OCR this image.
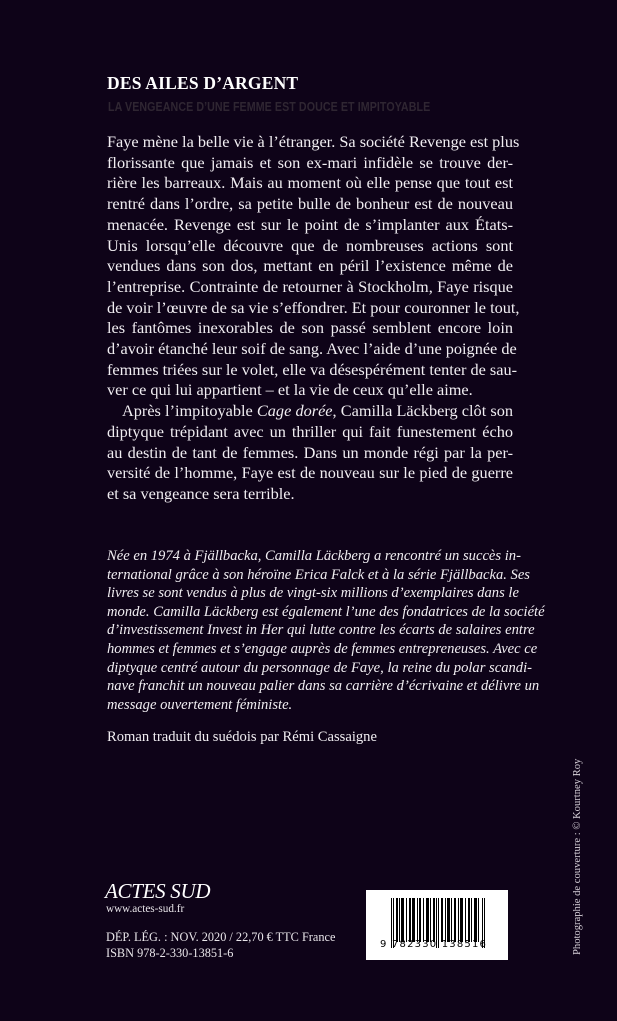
DES AILES D’ARGENT
LA VENGEANCE D’UNE FEMME EST DOUCE ET IMPITOYABLE

Faye mène la belle vie à l’étranger. Sa société Revenge est plus
florissante que jamais et son ex-mari infidèle se trouve der-
rière les barreaux. Mais au moment où elle pense que tout est
rentré dans l’ordre, sa petite bulle de bonheur est de nouveau
menacée. Revenge est sur le point de s’implanter aux États-
Unis lorsqu’elle découvre que de nombreuses actions sont
vendues dans son dos, mettant en péril l’existence même de
l’entreprise. Contrainte de retourner à Stockholm, Faye risque
de voir l’œuvre de sa vie s’effondrer. Et pour couronner le tout,
les fantômes inexorables de son passé semblent encore loin
d’avoir étanché leur soif de sang. Avec l’aide d’une poignée de
femmes triées sur le volet, elle va désespérément tenter de sau-
ver ce qui lui appartient – et la vie de ceux qu’elle aime.

Après l’impitoyable Cage dorée, Camilla Läckberg clôt son
diptyque trépidant avec un thriller qui fait funestement écho
au destin de tant de femmes. Dans un monde régi par la per-
versité de l’homme, Faye est de nouveau sur le pied de guerre
et sa vengeance sera terrible.

Née en 1974 à Fjällbacka, Camilla Läckberg a rencontré un succès in-
ternational grâce à son héroïne Erica Falck et à la série Fjällbacka. Ses
livres se sont vendus à plus de vingt-six millions d’exemplaires dans le
monde. Camilla Läckberg est également l’une des fondatrices de la société
d’investissement Invest in Her qui lutte contre les écarts de salaires entre
hommes et femmes et s’engage auprès de femmes entrepreneuses. Avec ce
diptyque centré autour du personnage de Faye, la reine du polar scandi-
nave franchit un nouveau palier dans sa carrière d’écrivaine et délivre un
message ouvertement féministe.
Roman traduit du suédois par Rémi Cassaigne
ACTES SUD
www.actes-sud.fr
DÉP. LÉG. : NOV. 2020 / 22,70 € TTC France
ISBN 978-2-330-13851-6
9 782330 138516	Photographie de couverture : © Kourtney Roy
